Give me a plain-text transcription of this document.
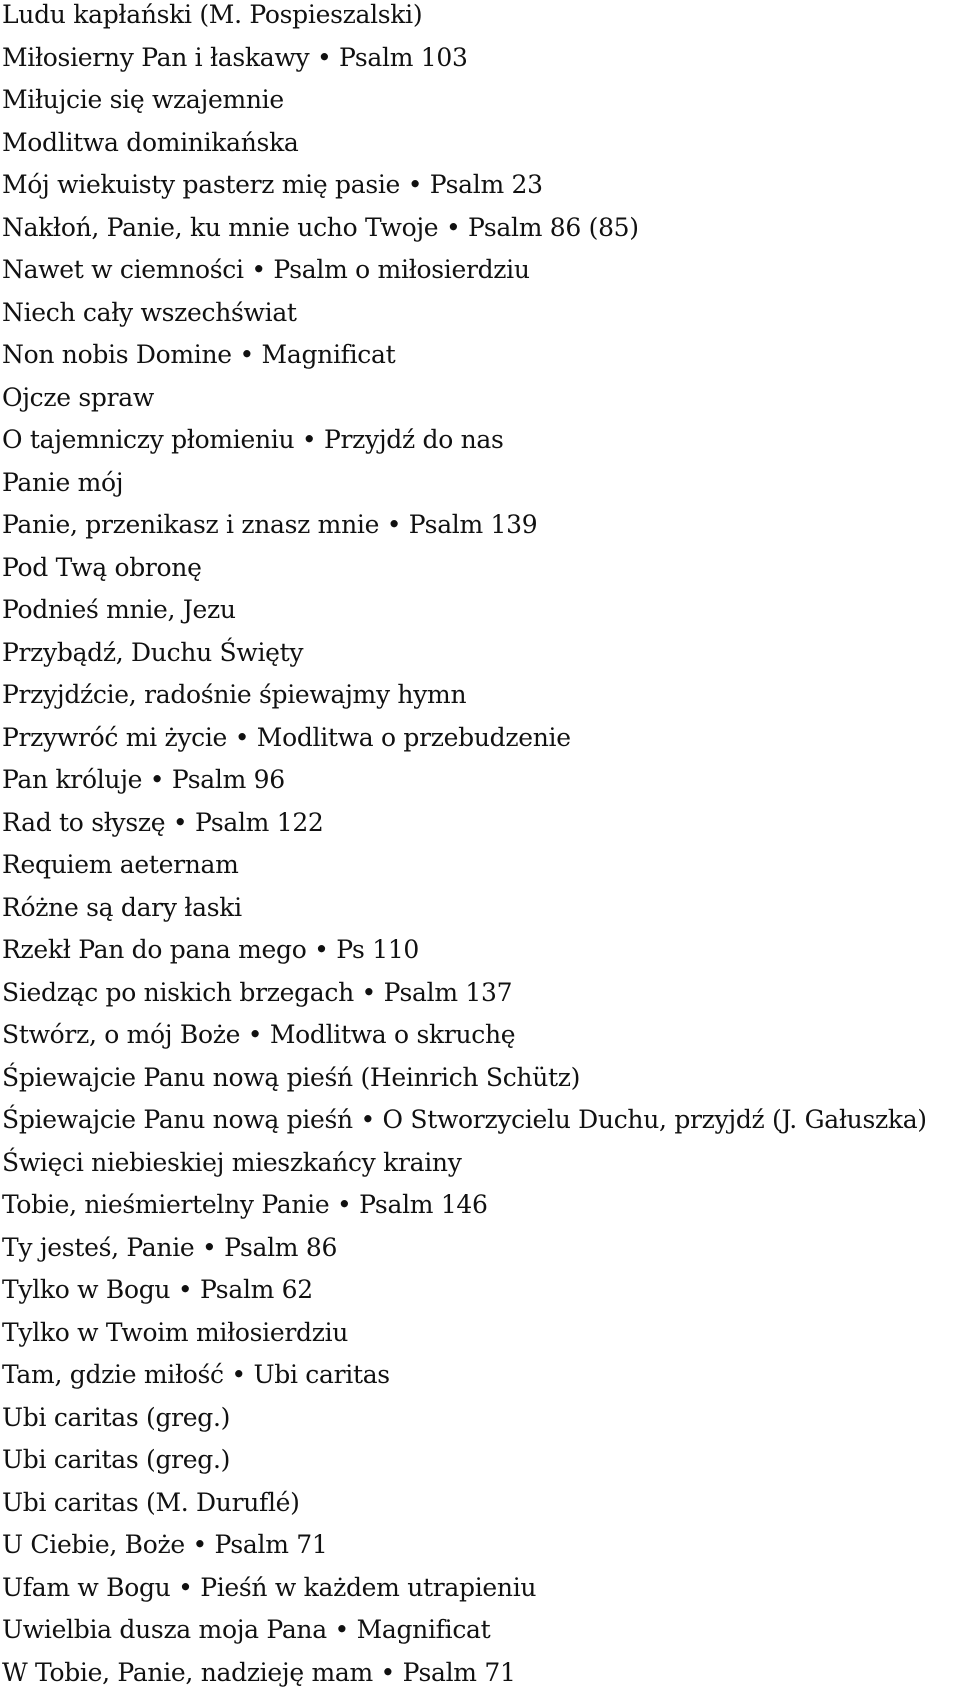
Ludu kapłański (M. Pospieszalski)
Miłosierny Pan i łaskawy • Psalm 103
Miłujcie się wzajemnie
Modlitwa dominikańska
Mój wiekuisty pasterz mię pasie • Psalm 23
Nakłoń, Panie, ku mnie ucho Twoje • Psalm 86 (85)
Nawet w ciemności • Psalm o miłosierdziu
Niech cały wszechświat
Non nobis Domine • Magnificat
Ojcze spraw
O tajemniczy płomieniu • Przyjdź do nas
Panie mój
Panie, przenikasz i znasz mnie • Psalm 139
Pod Twą obronę
Podnieś mnie, Jezu
Przybądź, Duchu Święty
Przyjdźcie, radośnie śpiewajmy hymn
Przywróć mi życie • Modlitwa o przebudzenie
Pan króluje • Psalm 96
Rad to słyszę • Psalm 122
Requiem aeternam
Różne są dary łaski
Rzekł Pan do pana mego • Ps 110
Siedząc po niskich brzegach • Psalm 137
Stwórz, o mój Boże • Modlitwa o skruchę
Śpiewajcie Panu nową pieśń (Heinrich Schütz)
Śpiewajcie Panu nową pieśń • O Stworzycielu Duchu, przyjdź (J. Gałuszka)
Święci niebieskiej mieszkańcy krainy
Tobie, nieśmiertelny Panie • Psalm 146
Ty jesteś, Panie • Psalm 86
Tylko w Bogu • Psalm 62
Tylko w Twoim miłosierdziu
Tam, gdzie miłość • Ubi caritas
Ubi caritas (greg.)
Ubi caritas (greg.)
Ubi caritas (M. Duruflé)
U Ciebie, Boże • Psalm 71
Ufam w Bogu • Pieśń w każdem utrapieniu
Uwielbia dusza moja Pana • Magnificat
W Tobie, Panie, nadzieję mam • Psalm 71
